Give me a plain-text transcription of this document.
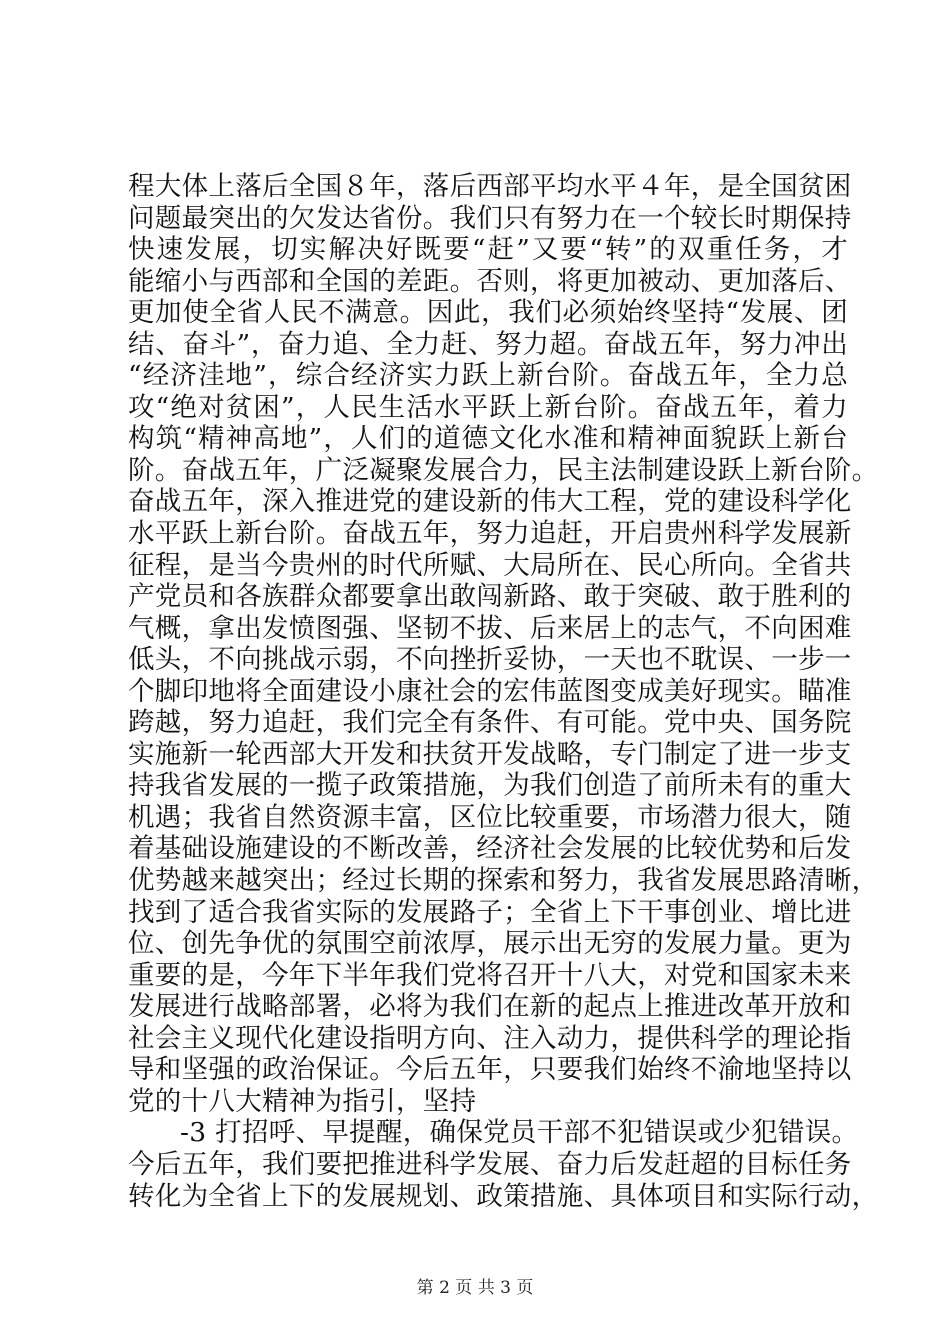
程大体上落后全国８年，落后西部平均水平４年，是全国贫困
问题最突出的欠发达省份。我们只有努力在一个较长时期保持
快速发展，切实解决好既要“赶”又要“转”的双重任务，才
能缩小与西部和全国的差距。否则，将更加被动、更加落后、
更加使全省人民不满意。因此，我们必须始终坚持“发展、团
结、奋斗”，奋力追、全力赶、努力超。奋战五年，努力冲出
“经济洼地”，综合经济实力跃上新台阶。奋战五年，全力总
攻“绝对贫困”，人民生活水平跃上新台阶。奋战五年，着力
构筑“精神高地”，人们的道德文化水准和精神面貌跃上新台
阶。奋战五年，广泛凝聚发展合力，民主法制建设跃上新台阶。
奋战五年，深入推进党的建设新的伟大工程，党的建设科学化
水平跃上新台阶。奋战五年，努力追赶，开启贵州科学发展新
征程，是当今贵州的时代所赋、大局所在、民心所向。全省共
产党员和各族群众都要拿出敢闯新路、敢于突破、敢于胜利的
气概，拿出发愤图强、坚韧不拔、后来居上的志气，不向困难
低头，不向挑战示弱，不向挫折妥协，一天也不耽误、一步一
个脚印地将全面建设小康社会的宏伟蓝图变成美好现实。瞄准
跨越，努力追赶，我们完全有条件、有可能。党中央、国务院
实施新一轮西部大开发和扶贫开发战略，专门制定了进一步支
持我省发展的一揽子政策措施，为我们创造了前所未有的重大
机遇；我省自然资源丰富，区位比较重要，市场潜力很大，随
着基础设施建设的不断改善，经济社会发展的比较优势和后发
优势越来越突出；经过长期的探索和努力，我省发展思路清晰，
找到了适合我省实际的发展路子；全省上下干事创业、增比进
位、创先争优的氛围空前浓厚，展示出无穷的发展力量。更为
重要的是，今年下半年我们党将召开十八大，对党和国家未来
发展进行战略部署，必将为我们在新的起点上推进改革开放和
社会主义现代化建设指明方向、注入动力，提供科学的理论指
导和坚强的政治保证。今后五年，只要我们始终不渝地坚持以
党的十八大精神为指引，坚持
-3 打招呼、早提醒，确保党员干部不犯错误或少犯错误。
今后五年，我们要把推进科学发展、奋力后发赶超的目标任务
转化为全省上下的发展规划、政策措施、具体项目和实际行动，
第 2 页 共 3 页
